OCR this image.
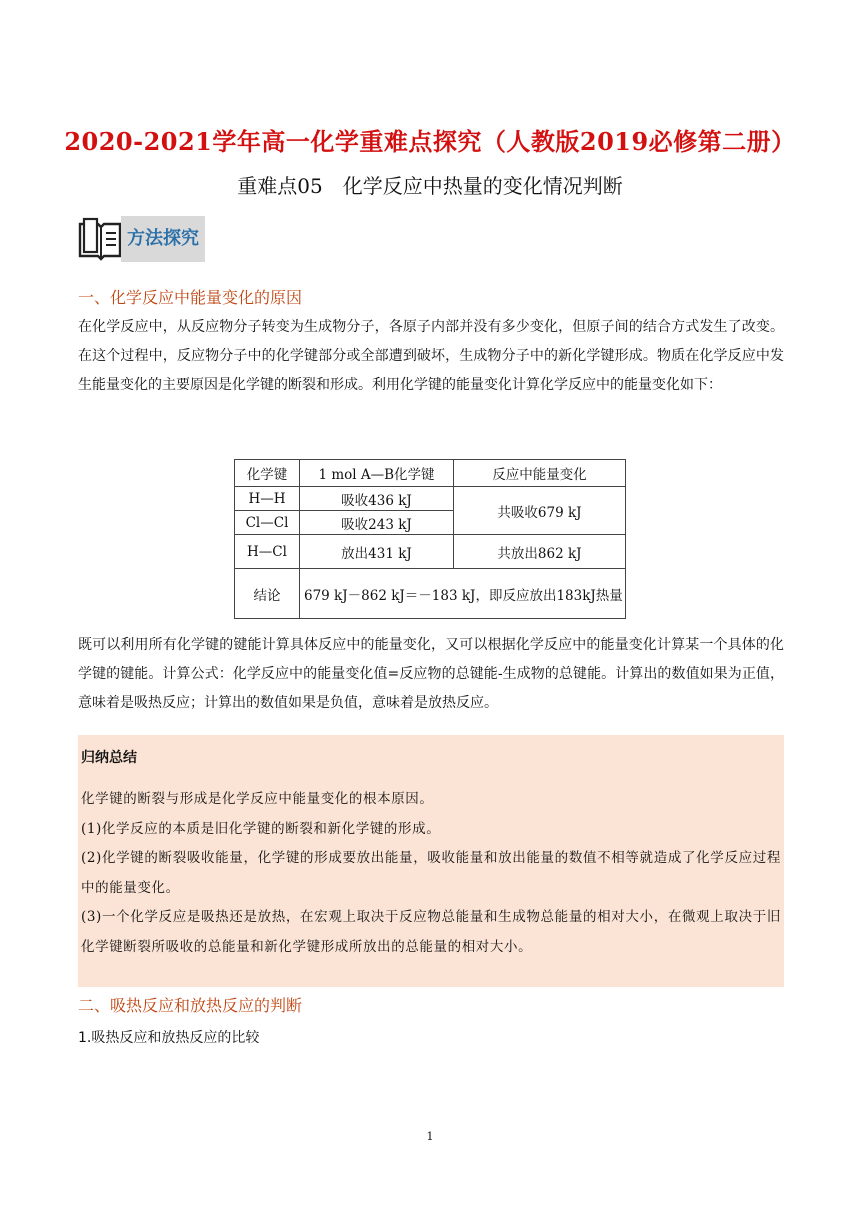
2020-2021学年高一化学重难点探究（人教版2019必修第二册）
重难点05　化学反应中热量的变化情况判断
方法探究
一、化学反应中能量变化的原因

在化学反应中，从反应物分子转变为生成物分子，各原子内部并没有多少变化，但原子间的结合方式发生了改变。在这个过程中，反应物分子中的化学键部分或全部遭到破坏，生成物分子中的新化学键形成。物质在化学反应中发生能量变化的主要原因是化学键的断裂和形成。利用化学键的能量变化计算化学反应中的能量变化如下：

化学键	1 mol A—B化学键	反应中能量变化
H—H	吸收436 kJ	共吸收679 kJ
Cl—Cl	吸收243 kJ	
H—Cl	放出431 kJ	共放出862 kJ
结论	679 kJ－862 kJ＝－183 kJ，即反应放出183kJ热量	

既可以利用所有化学键的键能计算具体反应中的能量变化，又可以根据化学反应中的能量变化计算某一个具体的化学键的键能。计算公式：化学反应中的能量变化值=反应物的总键能-生成物的总键能。计算出的数值如果为正值，意味着是吸热反应；计算出的数值如果是负值，意味着是放热反应。

归纳总结

化学键的断裂与形成是化学反应中能量变化的根本原因。

(1)化学反应的本质是旧化学键的断裂和新化学键的形成。

(2)化学键的断裂吸收能量，化学键的形成要放出能量，吸收能量和放出能量的数值不相等就造成了化学反应过程中的能量变化。

(3)一个化学反应是吸热还是放热，在宏观上取决于反应物总能量和生成物总能量的相对大小，在微观上取决于旧化学键断裂所吸收的总能量和新化学键形成所放出的总能量的相对大小。

二、吸热反应和放热反应的判断
1.吸热反应和放热反应的比较
1
